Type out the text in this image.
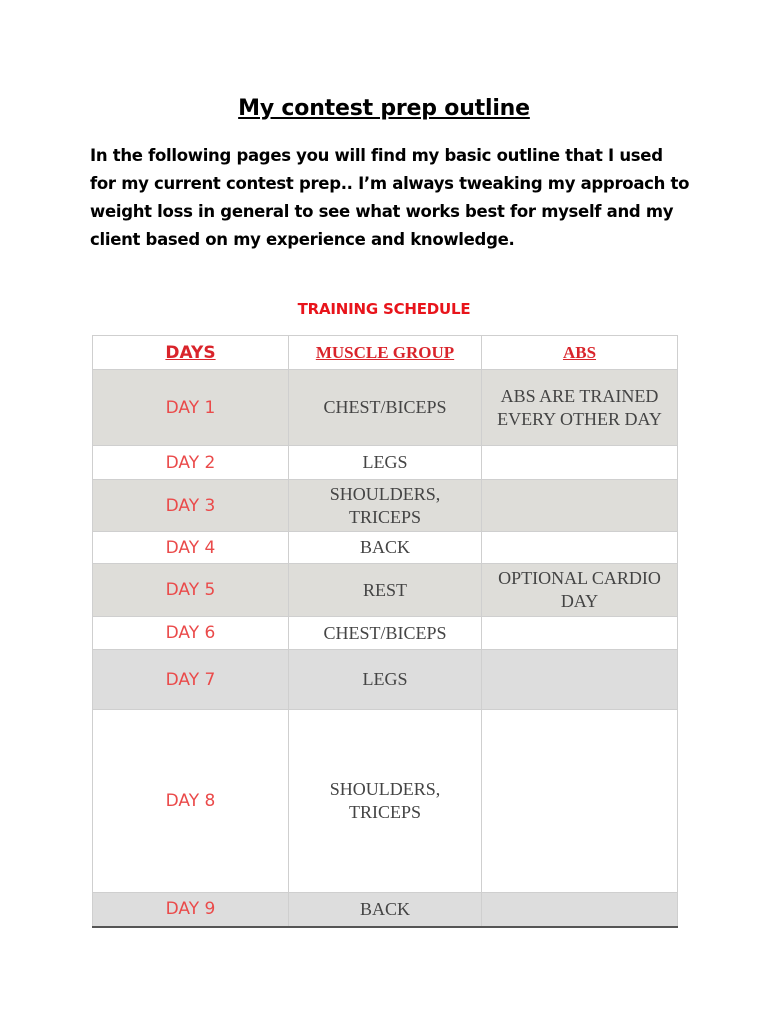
My contest prep outline
In the following pages you will find my basic outline that I used for my current contest prep.. I’m always tweaking my approach to weight loss in general to see what works best for myself and my client based on my experience and knowledge.
TRAINING SCHEDULE
DAYS	MUSCLE GROUP	ABS
DAY 1	CHEST/BICEPS	ABS ARE TRAINED EVERY OTHER DAY
DAY 2	LEGS	
DAY 3	SHOULDERS, TRICEPS	
DAY 4	BACK	
DAY 5	REST	OPTIONAL CARDIO DAY
DAY 6	CHEST/BICEPS	
DAY 7	LEGS	
DAY 8	SHOULDERS, TRICEPS	
DAY 9	BACK	
